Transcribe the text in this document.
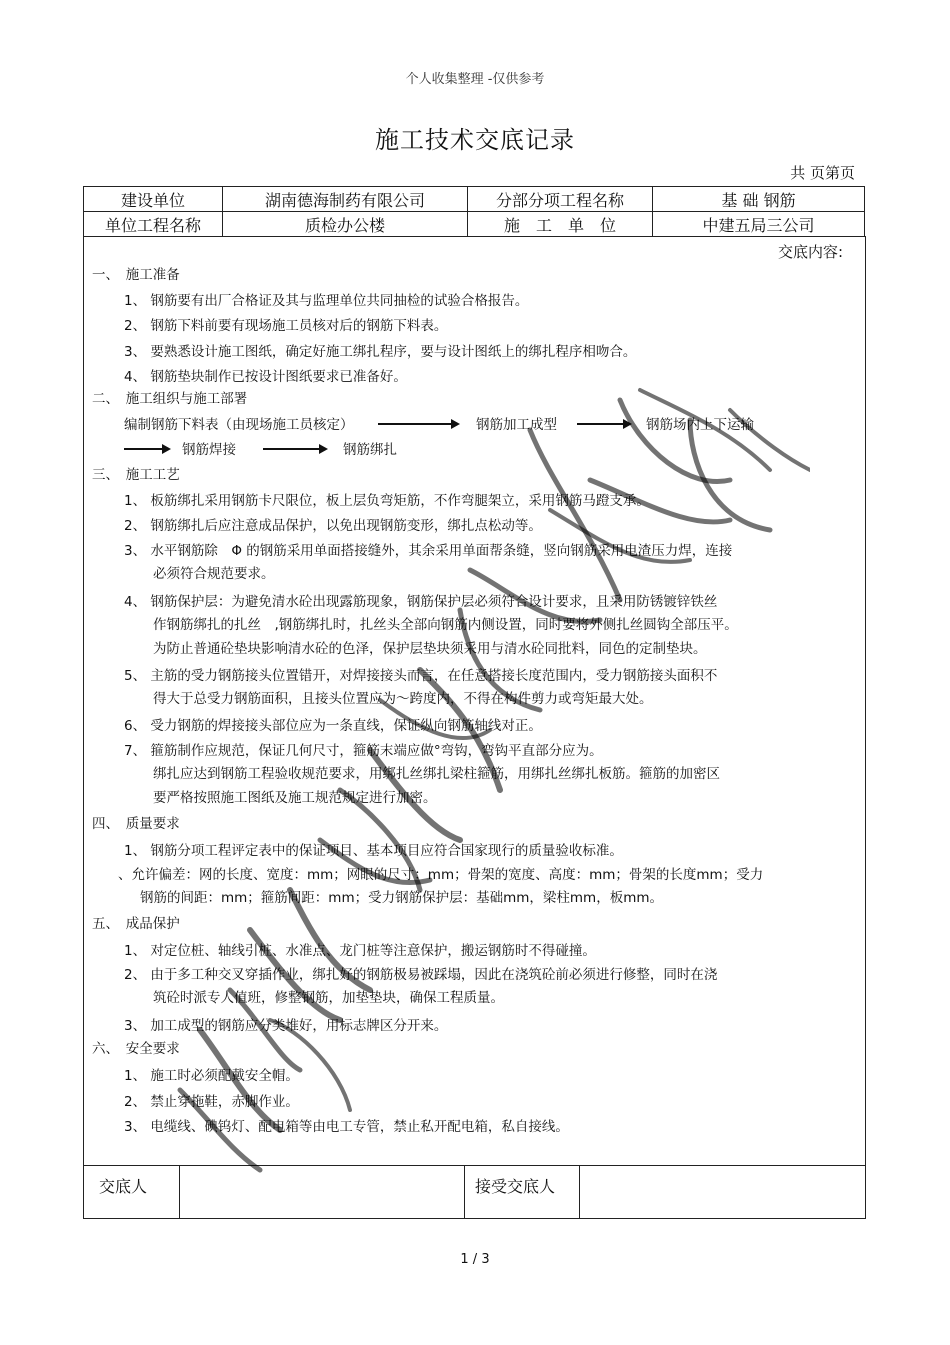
个人收集整理 -仅供参考
施工技术交底记录
共 页第页
建设单位	湖南德海制药有限公司	分部分项工程名称	基 础 钢筋
单位工程名称	质检办公楼	施　工　单　位	中建五局三公司
交底内容:
一、　施工准备
1、 钢筋要有出厂合格证及其与监理单位共同抽检的试验合格报告。
2、 钢筋下料前要有现场施工员核对后的钢筋下料表。
3、 要熟悉设计施工图纸，确定好施工绑扎程序，要与设计图纸上的绑扎程序相吻合。
4、 钢筋垫块制作已按设计图纸要求已准备好。
二、　施工组织与施工部署
编制钢筋下料表（由现场施工员核定）	钢筋加工成型	钢筋场内上下运输
钢筋焊接	钢筋绑扎
三、　施工工艺
1、 板筋绑扎采用钢筋卡尺限位，板上层负弯矩筋，不作弯腿架立，采用钢筋马蹬支承。
2、 钢筋绑扎后应注意成品保护，以免出现钢筋变形，绑扎点松动等。
3、 水平钢筋除　Φ 的钢筋采用单面搭接缝外，其余采用单面帮条缝，竖向钢筋采用电渣压力焊，连接
必须符合规范要求。
4、 钢筋保护层：为避免清水砼出现露筋现象，钢筋保护层必须符合设计要求，且采用防锈镀锌铁丝
作钢筋绑扎的扎丝　,钢筋绑扎时，扎丝头全部向钢筋内侧设置，同时要将外侧扎丝圆钩全部压平。
为防止普通砼垫块影响清水砼的色泽，保护层垫块须采用与清水砼同批料，同色的定制垫块。
5、 主筋的受力钢筋接头位置错开，对焊接接头而言，在任意搭接长度范围内，受力钢筋接头面积不
得大于总受力钢筋面积，且接头位置应为～跨度内，不得在构件剪力或弯矩最大处。
6、 受力钢筋的焊接接头部位应为一条直线，保证纵向钢筋轴线对正。
7、 箍筋制作应规范，保证几何尺寸，箍筋末端应做°弯钩，弯钩平直部分应为。
绑扎应达到钢筋工程验收规范要求，用绑扎丝绑扎梁柱箍筋，用绑扎丝绑扎板筋。箍筋的加密区
要严格按照施工图纸及施工规范规定进行加密。
四、　质量要求
1、 钢筋分项工程评定表中的保证项目、基本项目应符合国家现行的质量验收标准。
、允许偏差：网的长度、宽度：mm；网眼的尺寸：mm；骨架的宽度、高度：mm；骨架的长度mm；受力
钢筋的间距：mm；箍筋间距：mm；受力钢筋保护层：基础mm，梁柱mm，板mm。
五、　成品保护
1、 对定位桩、轴线引桩、水准点、龙门桩等注意保护，搬运钢筋时不得碰撞。
2、 由于多工种交叉穿插作业，绑扎好的钢筋极易被踩塌，因此在浇筑砼前必须进行修整，同时在浇
筑砼时派专人值班，修整钢筋，加垫垫块，确保工程质量。
3、 加工成型的钢筋应分类堆好，用标志牌区分开来。
六、　安全要求
1、 施工时必须配戴安全帽。
2、 禁止穿拖鞋，赤脚作业。
3、 电缆线、碘钨灯、配电箱等由电工专管，禁止私开配电箱，私自接线。
交底人	接受交底人
1 / 3
